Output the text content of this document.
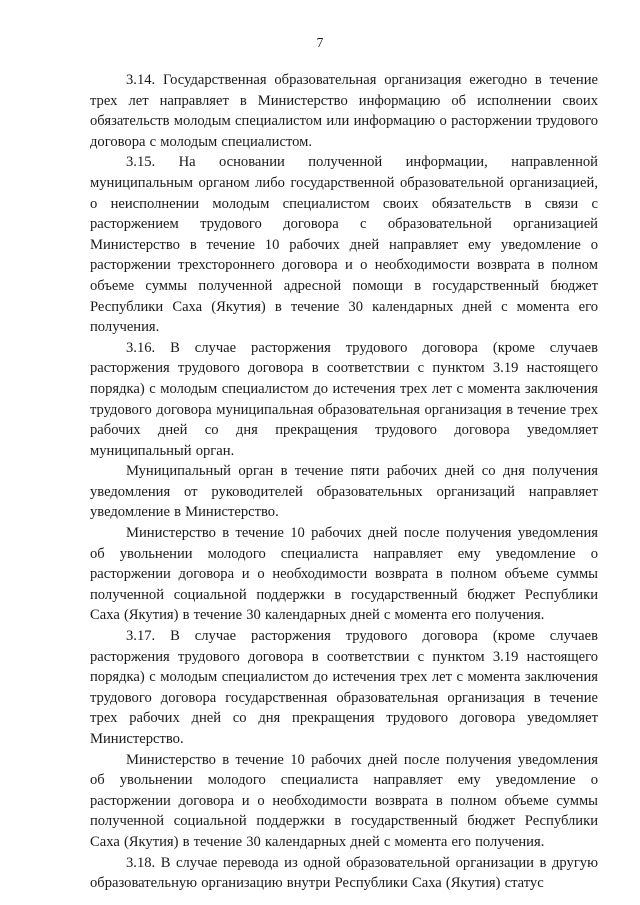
7

3.14. Государственная образовательная организация ежегодно в течение трех лет направляет в Министерство информацию об исполнении своих обязательств молодым специалистом или информацию о расторжении трудового договора с молодым специалистом.

3.15. На основании полученной информации, направленной муниципальным органом либо государственной образовательной организацией, о неисполнении молодым специалистом своих обязательств в связи с расторжением трудового договора с образовательной организацией Министерство в течение 10 рабочих дней направляет ему уведомление о расторжении трехстороннего договора и о необходимости возврата в полном объеме суммы полученной адресной помощи в государственный бюджет Республики Саха (Якутия) в течение 30 календарных дней с момента его получения.

3.16. В случае расторжения трудового договора (кроме случаев расторжения трудового договора в соответствии с пунктом 3.19 настоящего порядка) с молодым специалистом до истечения трех лет с момента заключения трудового договора муниципальная образовательная организация в течение трех рабочих дней со дня прекращения трудового договора уведомляет муниципальный орган.

Муниципальный орган в течение пяти рабочих дней со дня получения уведомления от руководителей образовательных организаций направляет уведомление в Министерство.

Министерство в течение 10 рабочих дней после получения уведомления об увольнении молодого специалиста направляет ему уведомление о расторжении договора и о необходимости возврата в полном объеме суммы полученной социальной поддержки в государственный бюджет Республики Саха (Якутия) в течение 30 календарных дней с момента его получения.

3.17. В случае расторжения трудового договора (кроме случаев расторжения трудового договора в соответствии с пунктом 3.19 настоящего порядка) с молодым специалистом до истечения трех лет с момента заключения трудового договора государственная образовательная организация в течение трех рабочих дней со дня прекращения трудового договора уведомляет Министерство.

Министерство в течение 10 рабочих дней после получения уведомления об увольнении молодого специалиста направляет ему уведомление о расторжении договора и о необходимости возврата в полном объеме суммы полученной социальной поддержки в государственный бюджет Республики Саха (Якутия) в течение 30 календарных дней с момента его получения.

3.18. В случае перевода из одной образовательной организации в другую образовательную организацию внутри Республики Саха (Якутия) статус
